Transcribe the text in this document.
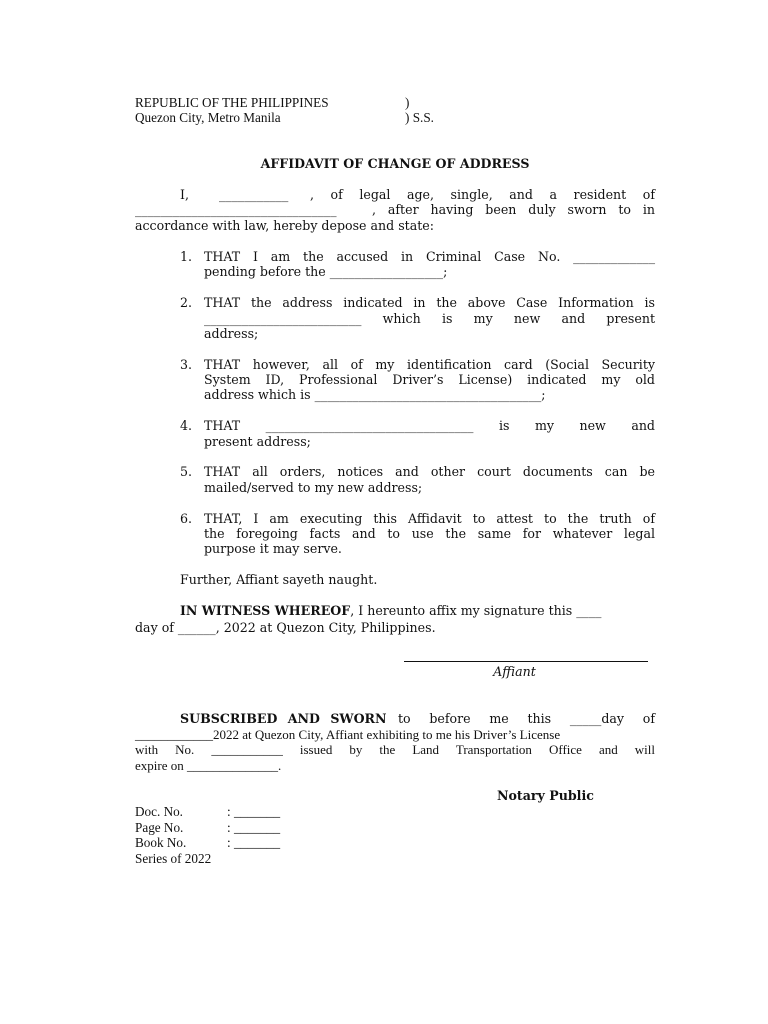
REPUBLIC OF THE PHILIPPINES	)
Quezon City, Metro Manila	) S.S.
AFFIDAVIT OF CHANGE OF ADDRESS
I, ___________ , of legal age, single, and a resident of
________________________________	, after having been duly sworn to in
accordance with law, hereby depose and state:
1. THAT I am the accused in Criminal Case No. _____________
pending before the __________________;
2. THAT the address indicated in the above Case Information is
_________________________ which is my new and present
address;
3. THAT however, all of my identification card (Social Security
System ID, Professional Driver’s License) indicated my old
address which is ____________________________________;
4. THAT _________________________________ is my new and
present address;
5. THAT all orders, notices and other court documents can be
mailed/served to my new address;
6. THAT, I am executing this Affidavit to attest to the truth of
the foregoing facts and to use the same for whatever legal
purpose it may serve.
Further, Affiant sayeth naught.
IN WITNESS WHEREOF, I hereunto affix my signature this ____
day of ______, 2022 at Quezon City, Philippines.
Affiant
SUBSCRIBED AND SWORN to before me this _____day of
____________2022 at Quezon City, Affiant exhibiting to me his Driver’s License
with No. ___________ issued by the Land Transportation Office and will
expire on ______________.
Notary Public
Doc. No.	: _______
Page No.	: _______
Book No.	: _______
Series of 2022
